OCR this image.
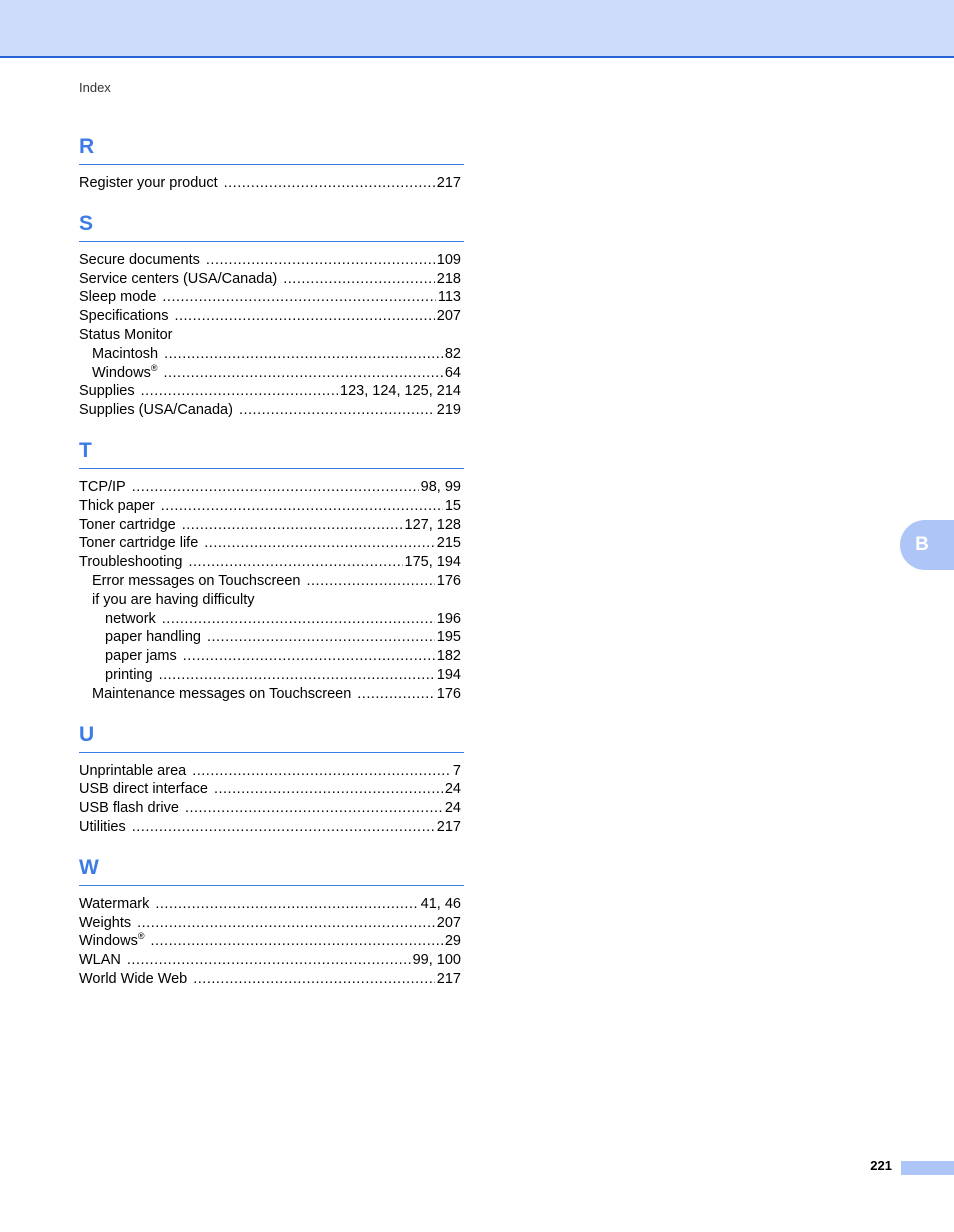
Index
R
Register your product .....	217
S
Secure documents .....	109
Service centers (USA/Canada) .....	218
Sleep mode .....	113
Specifications .....	207
Status Monitor
Macintosh .....	82
Windows® .....	64
Supplies .....	123, 124, 125, 214
Supplies (USA/Canada) .....	219
T
TCP/IP .....	98, 99
Thick paper .....	15
Toner cartridge .....	127, 128
Toner cartridge life .....	215
Troubleshooting .....	175, 194
Error messages on Touchscreen .....	176
if you are having difficulty
network .....	196
paper handling .....	195
paper jams .....	182
printing .....	194
Maintenance messages on Touchscreen .....	176
U
Unprintable area .....	7
USB direct interface .....	24
USB flash drive .....	24
Utilities .....	217
W
Watermark .....	41, 46
Weights .....	207
Windows® .....	29
WLAN .....	99, 100
World Wide Web .....	217
B
221
